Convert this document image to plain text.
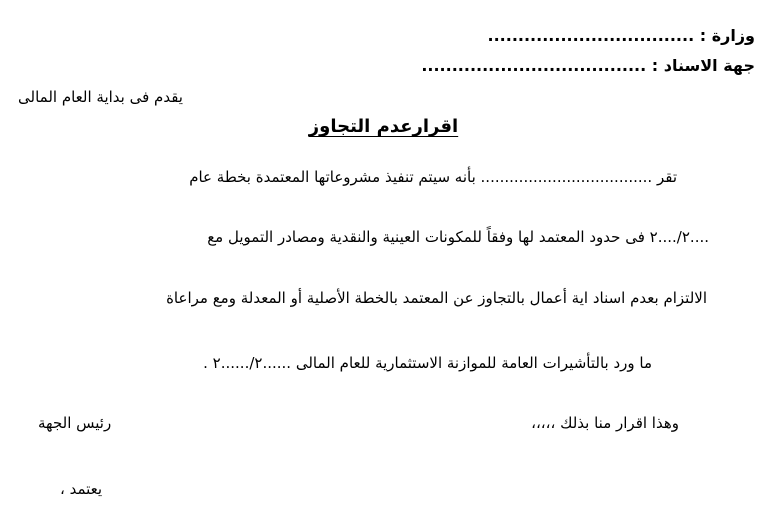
وزارة : ..................................
جهة الاسناد : .....................................
يقدم فى بداية العام المالى
اقرارعدم التجاوز
تقر .................................... بأنه سيتم تنفيذ مشروعاتها المعتمدة بخطة عام
....٢/....٢ فى حدود المعتمد لها وفقاً للمكونات العينية والنقدية ومصادر التمويل مع
الالتزام بعدم اسناد اية أعمال بالتجاوز عن المعتمد بالخطة الأصلية أو المعدلة ومع مراعاة
ما ورد بالتأشيرات العامة للموازنة الاستثمارية للعام المالى ......٢/......٢ .
وهذا اقرار منا بذلك ،،،،،
رئيس الجهة
يعتمد ،
